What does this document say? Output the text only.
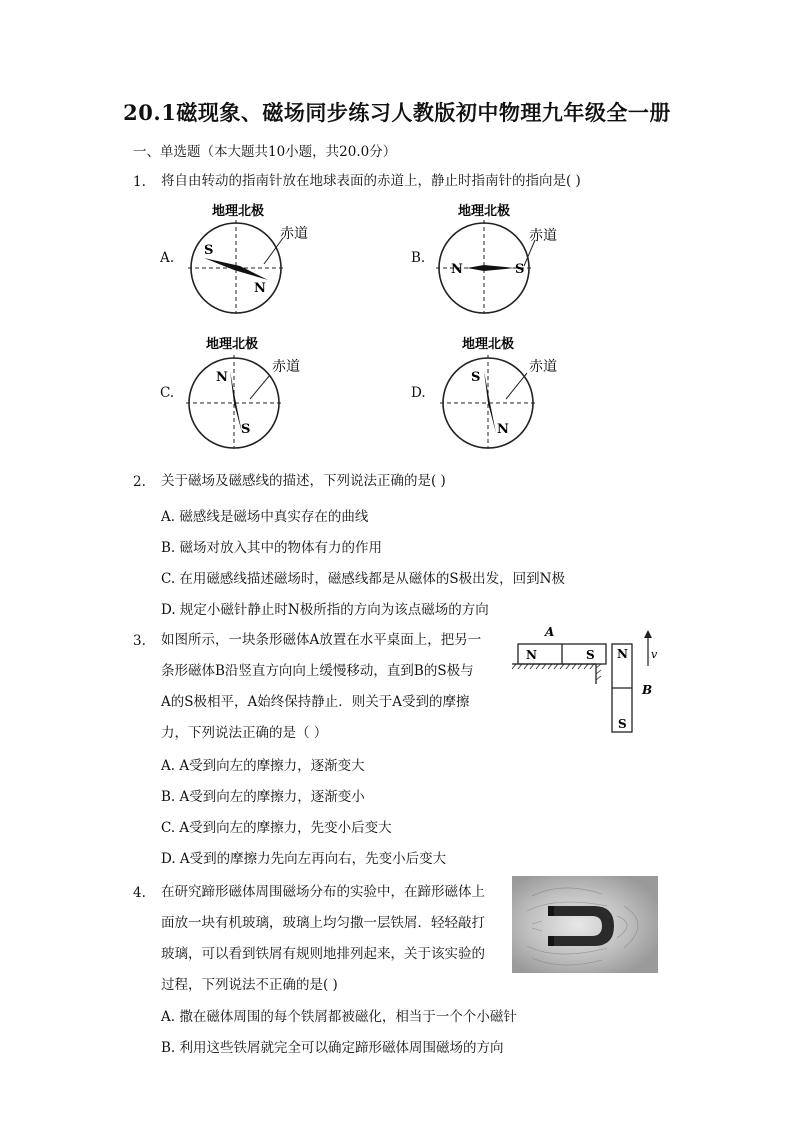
20.1磁现象、磁场同步练习人教版初中物理九年级全一册
一、单选题（本大题共10小题，共20.0分）
1. 将自由转动的指南针放在地球表面的赤道上，静止时指南针的指向是( )
A.
地理北极
S
N
赤道
B.
地理北极
N	S
赤道
C.
地理北极
N
S
赤道
D.
地理北极
S
N
赤道
2. 关于磁场及磁感线的描述，下列说法正确的是( )
A. 磁感线是磁场中真实存在的曲线
B. 磁场对放入其中的物体有力的作用
C. 在用磁感线描述磁场时，磁感线都是从磁体的S极出发，回到N极
D. 规定小磁针静止时N极所指的方向为该点磁场的方向
3. 如图所示，一块条形磁体A放置在水平桌面上，把另一
条形磁体B沿竖直方向向上缓慢移动，直到B的S极与
A的S极相平，A始终保持静止．则关于A受到的摩擦
力，下列说法正确的是（ ）
A
N	S N
S
v
B
A. A受到向左的摩擦力，逐渐变大
B. A受到向左的摩擦力，逐渐变小
C. A受到向左的摩擦力，先变小后变大
D. A受到的摩擦力先向左再向右，先变小后变大
4. 在研究蹄形磁体周围磁场分布的实验中，在蹄形磁体上
面放一块有机玻璃，玻璃上均匀撒一层铁屑．轻轻敲打
玻璃，可以看到铁屑有规则地排列起来，关于该实验的
过程，下列说法不正确的是( )
A. 撒在磁体周围的每个铁屑都被磁化，相当于一个个小磁针
B. 利用这些铁屑就完全可以确定蹄形磁体周围磁场的方向
